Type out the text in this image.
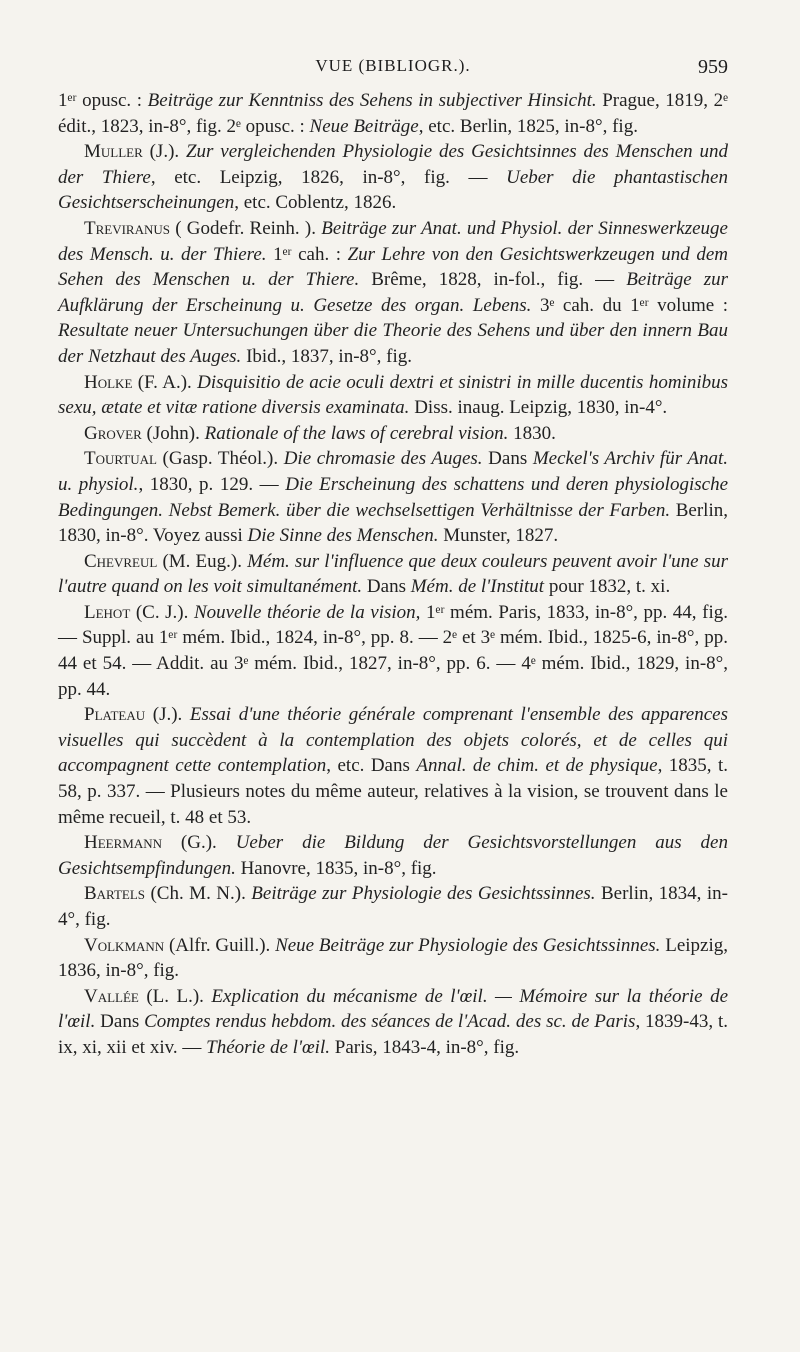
VUE (BIBLIOGR.).	959

1ᵉʳ opusc. : Beiträge zur Kenntniss des Sehens in subjectiver Hinsicht. Prague, 1819, 2ᵉ édit., 1823, in-8°, fig. 2ᵉ opusc. : Neue Beiträge, etc. Berlin, 1825, in-8°, fig.

Muller (J.). Zur vergleichenden Physiologie des Gesichtsinnes des Menschen und der Thiere, etc. Leipzig, 1826, in-8°, fig. — Ueber die phantastischen Gesichtserscheinungen, etc. Coblentz, 1826.

Treviranus ( Godefr. Reinh. ). Beiträge zur Anat. und Physiol. der Sinneswerkzeuge des Mensch. u. der Thiere. 1ᵉʳ cah. : Zur Lehre von den Gesichtswerkzeugen und dem Sehen des Menschen u. der Thiere. Brême, 1828, in-fol., fig. — Beiträge zur Aufklärung der Erscheinung u. Gesetze des organ. Lebens. 3ᵉ cah. du 1ᵉʳ volume : Resultate neuer Untersuchungen über die Theorie des Sehens und über den innern Bau der Netzhaut des Auges. Ibid., 1837, in-8°, fig.

Holke (F. A.). Disquisitio de acie oculi dextri et sinistri in mille ducentis hominibus sexu, ætate et vitæ ratione diversis examinata. Diss. inaug. Leipzig, 1830, in-4°.

Grover (John). Rationale of the laws of cerebral vision. 1830.

Tourtual (Gasp. Théol.). Die chromasie des Auges. Dans Meckel's Archiv für Anat. u. physiol., 1830, p. 129. — Die Erscheinung des schattens und deren physiologische Bedingungen. Nebst Bemerk. über die wechselsettigen Verhältnisse der Farben. Berlin, 1830, in-8°. Voyez aussi Die Sinne des Menschen. Munster, 1827.

Chevreul (M. Eug.). Mém. sur l'influence que deux couleurs peuvent avoir l'une sur l'autre quand on les voit simultanément. Dans Mém. de l'Institut pour 1832, t. xi.

Lehot (C. J.). Nouvelle théorie de la vision, 1ᵉʳ mém. Paris, 1833, in-8°, pp. 44, fig. — Suppl. au 1ᵉʳ mém. Ibid., 1824, in-8°, pp. 8. — 2ᵉ et 3ᵉ mém. Ibid., 1825-6, in-8°, pp. 44 et 54. — Addit. au 3ᵉ mém. Ibid., 1827, in-8°, pp. 6. — 4ᵉ mém. Ibid., 1829, in-8°, pp. 44.

Plateau (J.). Essai d'une théorie générale comprenant l'ensemble des apparences visuelles qui succèdent à la contemplation des objets colorés, et de celles qui accompagnent cette contemplation, etc. Dans Annal. de chim. et de physique, 1835, t. 58, p. 337. — Plusieurs notes du même auteur, relatives à la vision, se trouvent dans le même recueil, t. 48 et 53.

Heermann (G.). Ueber die Bildung der Gesichtsvorstellungen aus den Gesichtsempfindungen. Hanovre, 1835, in-8°, fig.

Bartels (Ch. M. N.). Beiträge zur Physiologie des Gesichtssinnes. Berlin, 1834, in-4°, fig.

Volkmann (Alfr. Guill.). Neue Beiträge zur Physiologie des Gesichtssinnes. Leipzig, 1836, in-8°, fig.

Vallée (L. L.). Explication du mécanisme de l'œil. — Mémoire sur la théorie de l'œil. Dans Comptes rendus hebdom. des séances de l'Acad. des sc. de Paris, 1839-43, t. ix, xi, xii et xiv. — Théorie de l'œil. Paris, 1843-4, in-8°, fig.
